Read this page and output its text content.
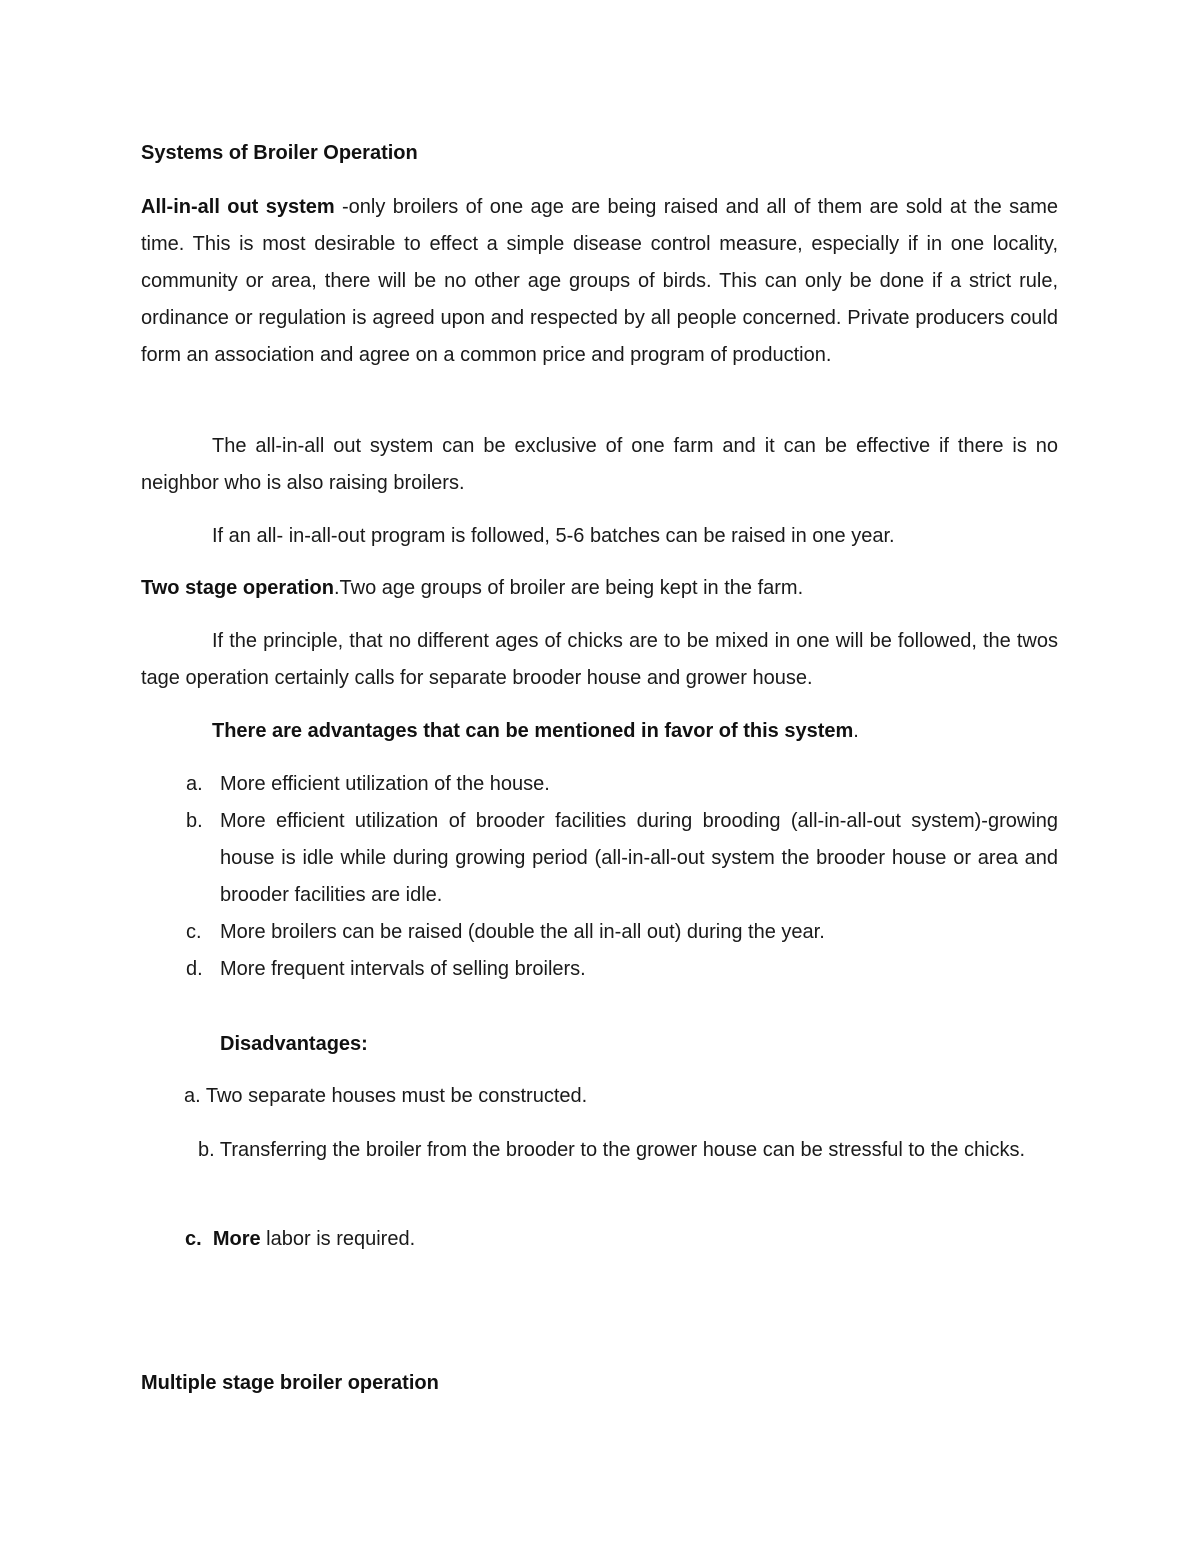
Systems of Broiler Operation
All-in-all out system -only broilers of one age are being raised and all of them are sold at the same time. This is most desirable to effect a simple disease control measure, especially if in one locality, community or area, there will be no other age groups of birds. This can only be done if a strict rule, ordinance or regulation is agreed upon and respected by all people concerned. Private producers could form an association and agree on a common price and program of production.
The all-in-all out system can be exclusive of one farm and it can be effective if there is no neighbor who is also raising broilers.
If an all- in-all-out program is followed, 5-6 batches can be raised in one year.
Two stage operation.Two age groups of broiler are being kept in the farm.
If the principle, that no different ages of chicks are to be mixed in one will be followed, the twos tage operation certainly calls for separate brooder house and grower house.
There are advantages that can be mentioned in favor of this system.
a. More efficient utilization of the house.
b. More efficient utilization of brooder facilities during brooding (all-in-all-out system)-growing house is idle while during growing period (all-in-all-out system the brooder house or area and brooder facilities are idle.
c. More broilers can be raised (double the all in-all out) during the year.
d. More frequent intervals of selling broilers.
Disadvantages:
a. Two separate houses must be constructed.
b. Transferring the broiler from the brooder to the grower house can be stressful to the chicks.
c. More labor is required.
Multiple stage broiler operation
